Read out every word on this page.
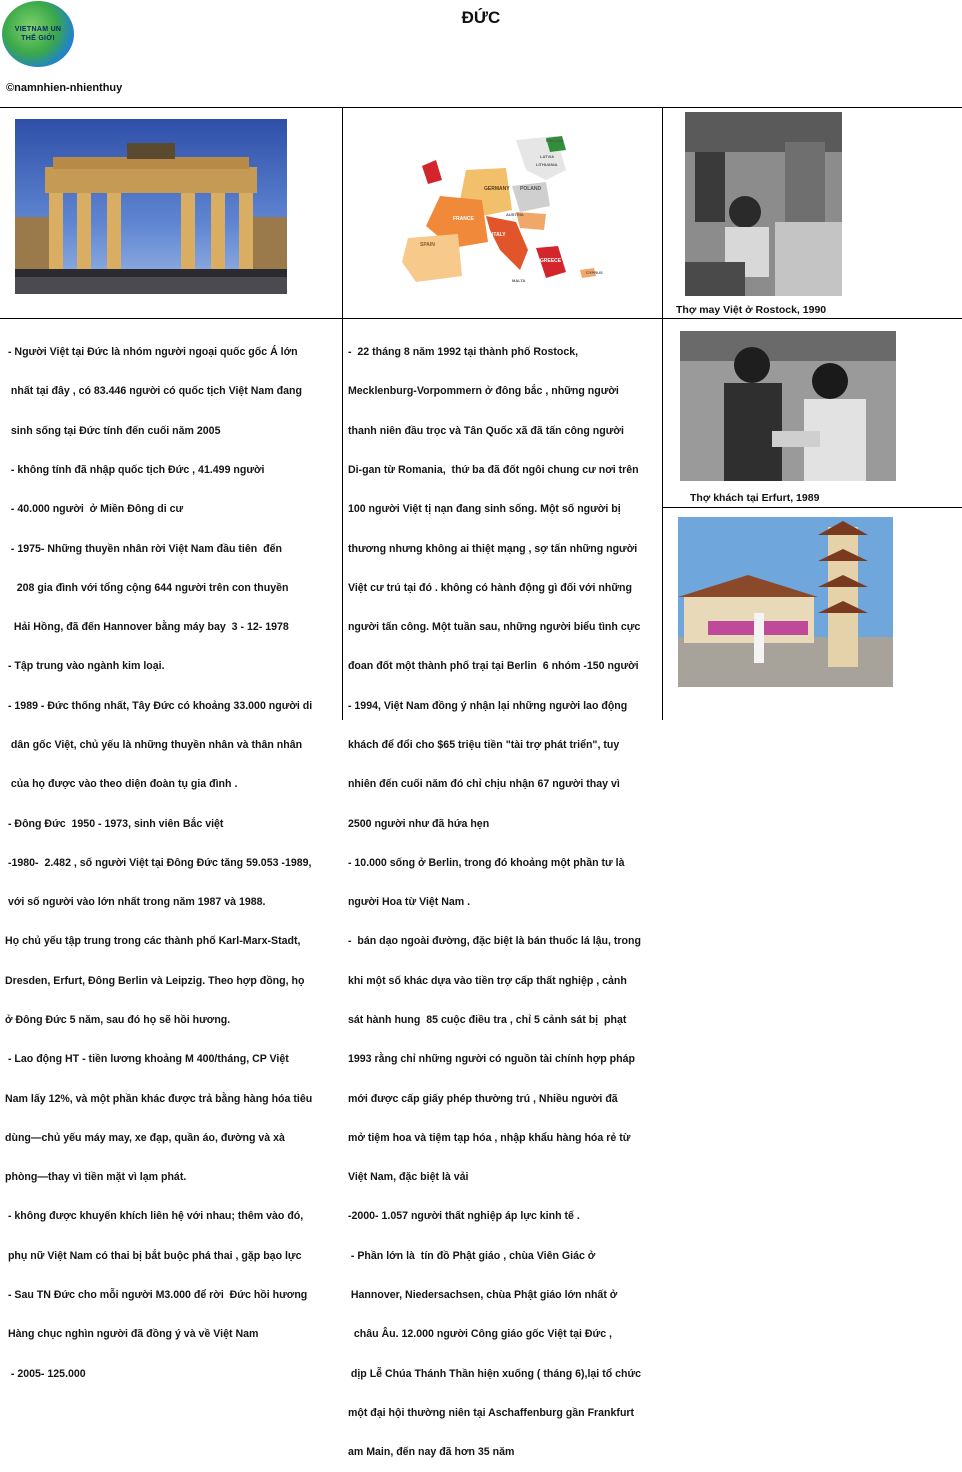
VIETNAM UN
THẾ GIỚI
ĐỨC
©namnhien-nhienthuy
FRANCE
SPAIN
GERMANY POLAND
LATVIA
LITHUANIA
AUSTRIA
ITALY
GREECE
CYPRUS
MALTA
FINLAND
Thợ may Việt ở Rostock, 1990
Thợ khách tại Erfurt, 1989

- Người Việt tại Đức là nhóm người ngoại quốc gốc Á lớn

nhất tại đây , có 83.446 người có quốc tịch Việt Nam đang

sinh sống tại Đức tính đến cuối năm 2005

- không tính đã nhập quốc tịch Đức , 41.499 người

- 40.000 người  ở Miền Đông di cư

- 1975- Những thuyền nhân rời Việt Nam đầu tiên  đến

208 gia đình với tổng cộng 644 người trên con thuyền

Hải Hồng, đã đến Hannover bằng máy bay  3 - 12- 1978

- Tập trung vào ngành kim loại.

- 1989 - Đức thống nhất, Tây Đức có khoảng 33.000 người di

dân gốc Việt, chủ yếu là những thuyền nhân và thân nhân

của họ được vào theo diện đoàn tụ gia đình .

- Đông Đức  1950 - 1973, sinh viên Bắc việt

-1980-  2.482 , số người Việt tại Đông Đức tăng 59.053 -1989,

với số người vào lớn nhất trong năm 1987 và 1988.

Họ chủ yếu tập trung trong các thành phố Karl-Marx-Stadt,

Dresden, Erfurt, Đông Berlin và Leipzig. Theo hợp đồng, họ

ở Đông Đức 5 năm, sau đó họ sẽ hồi hương.

- Lao động HT - tiền lương khoảng M 400/tháng, CP Việt

Nam lấy 12%, và một phần khác được trả bằng hàng hóa tiêu

dùng—chủ yếu máy may, xe đạp, quần áo, đường và xà

phòng—thay vì tiền mặt vì lạm phát.

- không được khuyến khích liên hệ với nhau; thêm vào đó,

phụ nữ Việt Nam có thai bị bắt buộc phá thai , gặp bạo lực

- Sau TN Đức cho mỗi người M3.000 để rời  Đức hồi hương

Hàng chục nghìn người đã đồng ý và về Việt Nam

- 2005- 125.000

-  22 tháng 8 năm 1992 tại thành phố Rostock,

Mecklenburg-Vorpommern ở đông bắc , những người

thanh niên đầu trọc và Tân Quốc xã đã tấn công người

Di-gan từ Romania,  thứ ba đã đốt ngôi chung cư nơi trên

100 người Việt tị nạn đang sinh sống. Một số người bị

thương nhưng không ai thiệt mạng , sợ tấn những người

Việt cư trú tại đó . không có hành động gì đối với những

người tấn công. Một tuần sau, những người biểu tình cực

đoan đốt một thành phố trại tại Berlin  6 nhóm -150 người

- 1994, Việt Nam đồng ý nhận lại những người lao động

khách để đổi cho $65 triệu tiền "tài trợ phát triển", tuy

nhiên đến cuối năm đó chỉ chịu nhận 67 người thay vì

2500 người như đã hứa hẹn

- 10.000 sống ở Berlin, trong đó khoảng một phần tư là

người Hoa từ Việt Nam .

-  bán dạo ngoài đường, đặc biệt là bán thuốc lá lậu, trong

khi một số khác dựa vào tiền trợ cấp thất nghiệp , cảnh

sát hành hung  85 cuộc điều tra , chỉ 5 cảnh sát bị  phạt

1993 rằng chỉ những người có nguồn tài chính hợp pháp

mới được cấp giấy phép thường trú , Nhiều người đã

mở tiệm hoa và tiệm tạp hóa , nhập khẩu hàng hóa rẻ từ

Việt Nam, đặc biệt là vải

-2000- 1.057 người thất nghiệp áp lực kinh tế .

- Phần lớn là  tín đồ Phật giáo , chùa Viên Giác ở

Hannover, Niedersachsen, chùa Phật giáo lớn nhất ở

châu Âu. 12.000 người Công giáo gốc Việt tại Đức ,

dịp Lễ Chúa Thánh Thần hiện xuống ( tháng 6),lại tổ chức

một đại hội thường niên tại Aschaffenburg gần Frankfurt

am Main, đến nay đã hơn 35 năm
